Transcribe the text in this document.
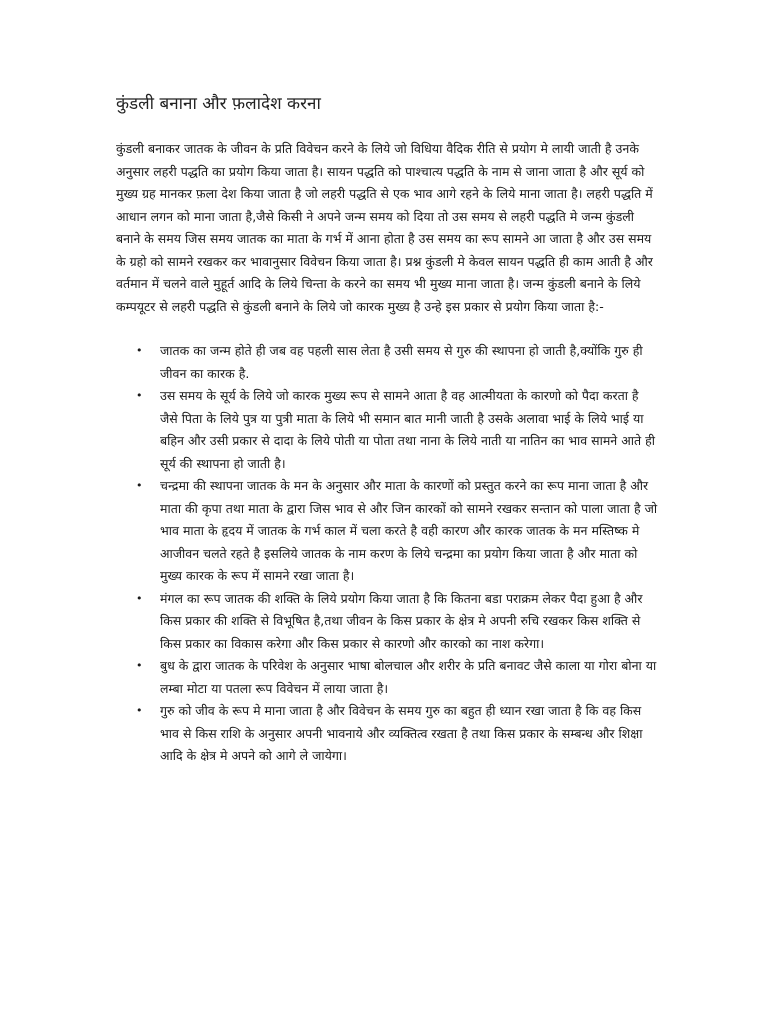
कुंडली बनाना और फ़लादेश करना

कुंडली बनाकर जातक के जीवन के प्रति विवेचन करने के लिये जो विधिया वैदिक रीति से प्रयोग मे लायी जाती है उनके अनुसार लहरी पद्धति का प्रयोग किया जाता है। सायन पद्धति को पाश्चात्य पद्धति के नाम से जाना जाता है और सूर्य को मुख्य ग्रह मानकर फ़ला देश किया जाता है जो लहरी पद्धति से एक भाव आगे रहने के लिये माना जाता है। लहरी पद्धति में आधान लगन को माना जाता है,जैसे किसी ने अपने जन्म समय को दिया तो उस समय से लहरी पद्धति मे जन्म कुंडली बनाने के समय जिस समय जातक का माता के गर्भ में आना होता है उस समय का रूप सामने आ जाता है और उस समय के ग्रहो को सामने रखकर कर भावानुसार विवेचन किया जाता है। प्रश्न कुंडली मे केवल सायन पद्धति ही काम आती है और वर्तमान में चलने वाले मुहूर्त आदि के लिये चिन्ता के करने का समय भी मुख्य माना जाता है। जन्म कुंडली बनाने के लिये कम्पयूटर से लहरी पद्धति से कुंडली बनाने के लिये जो कारक मुख्य है उन्हे इस प्रकार से प्रयोग किया जाता है:-

• जातक का जन्म होते ही जब वह पहली सास लेता है उसी समय से गुरु की स्थापना हो जाती है,क्योंकि गुरु ही जीवन का कारक है.
• उस समय के सूर्य के लिये जो कारक मुख्य रूप से सामने आता है वह आत्मीयता के कारणो को पैदा करता है जैसे पिता के लिये पुत्र या पुत्री माता के लिये भी समान बात मानी जाती है उसके अलावा भाई के लिये भाई या बहिन और उसी प्रकार से दादा के लिये पोती या पोता तथा नाना के लिये नाती या नातिन का भाव सामने आते ही सूर्य की स्थापना हो जाती है।
• चन्द्रमा की स्थापना जातक के मन के अनुसार और माता के कारणों को प्रस्तुत करने का रूप माना जाता है और माता की कृपा तथा माता के द्वारा जिस भाव से और जिन कारकों को सामने रखकर सन्तान को पाला जाता है जो भाव माता के हृदय में जातक के गर्भ काल में चला करते है वही कारण और कारक जातक के मन मस्तिष्क मे आजीवन चलते रहते है इसलिये जातक के नाम करण के लिये चन्द्रमा का प्रयोग किया जाता है और माता को मुख्य कारक के रूप में सामने रखा जाता है।
• मंगल का रूप जातक की शक्ति के लिये प्रयोग किया जाता है कि कितना बडा पराक्रम लेकर पैदा हुआ है और किस प्रकार की शक्ति से विभूषित है,तथा जीवन के किस प्रकार के क्षेत्र मे अपनी रुचि रखकर किस शक्ति से किस प्रकार का विकास करेगा और किस प्रकार से कारणो और कारको का नाश करेगा।
• बुध के द्वारा जातक के परिवेश के अनुसार भाषा बोलचाल और शरीर के प्रति बनावट जैसे काला या गोरा बोना या लम्बा मोटा या पतला रूप विवेचन में लाया जाता है।
• गुरु को जीव के रूप मे माना जाता है और विवेचन के समय गुरु का बहुत ही ध्यान रखा जाता है कि वह किस भाव से किस राशि के अनुसार अपनी भावनाये और व्यक्तित्व रखता है तथा किस प्रकार के सम्बन्ध और शिक्षा आदि के क्षेत्र मे अपने को आगे ले जायेगा।
